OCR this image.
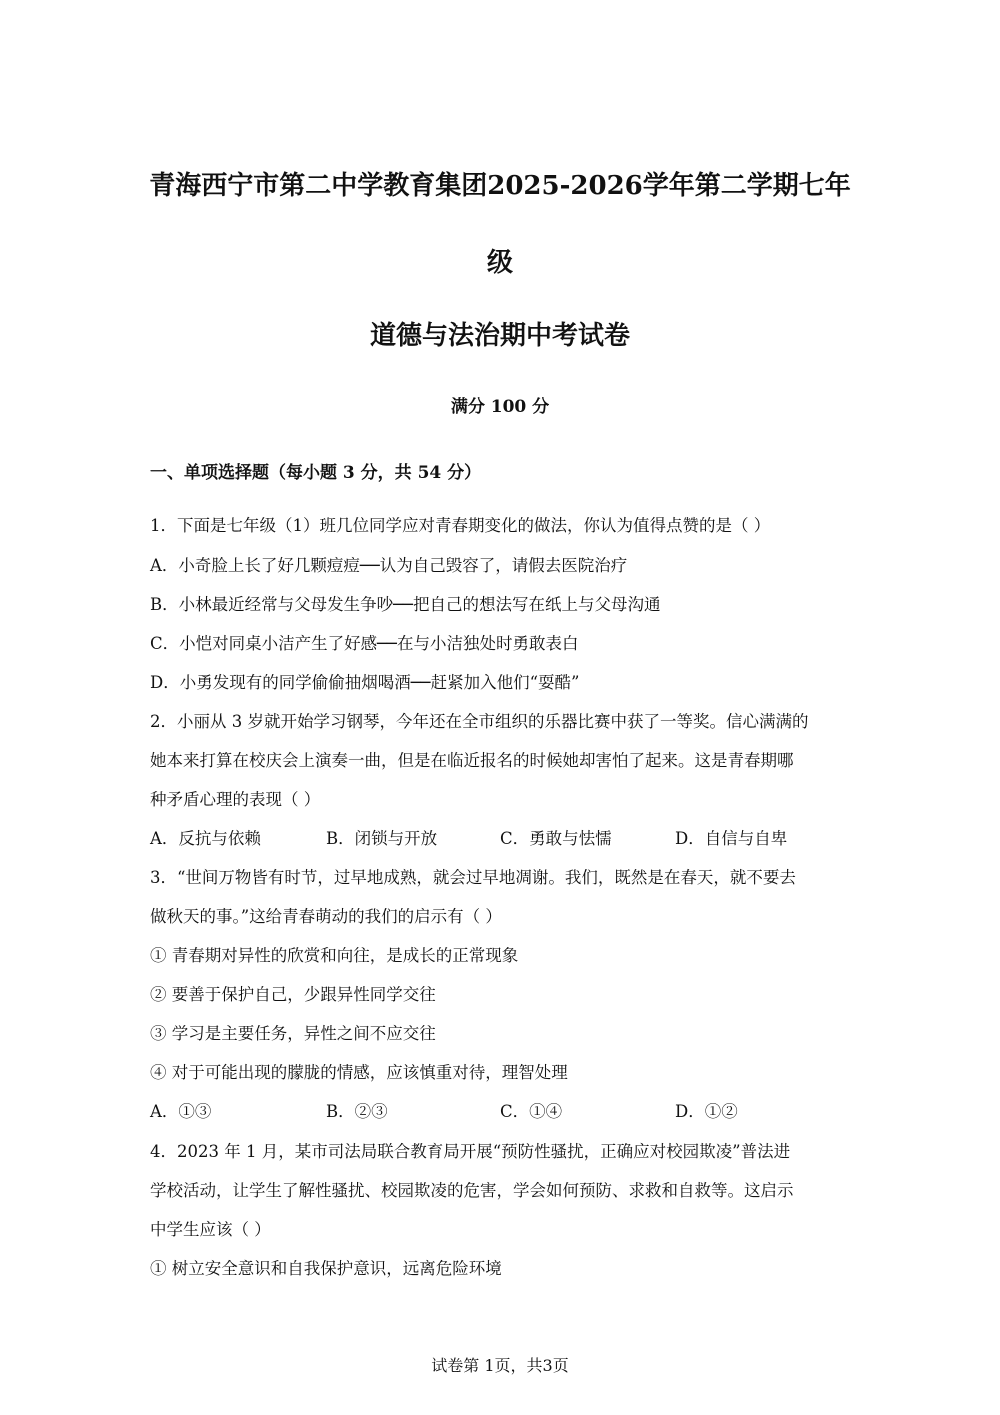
青海西宁市第二中学教育集团2025-2026学年第二学期七年
级
道德与法治期中考试卷
满分 100 分
一、单项选择题（每小题 3 分，共 54 分）
1．下面是七年级（1）班几位同学应对青春期变化的做法，你认为值得点赞的是（ ）
A．小奇脸上长了好几颗痘痘──认为自己毁容了，请假去医院治疗
B．小林最近经常与父母发生争吵──把自己的想法写在纸上与父母沟通
C．小恺对同桌小洁产生了好感──在与小洁独处时勇敢表白
D．小勇发现有的同学偷偷抽烟喝酒──赶紧加入他们“耍酷”
2．小丽从 3 岁就开始学习钢琴，今年还在全市组织的乐器比赛中获了一等奖。信心满满的
她本来打算在校庆会上演奏一曲，但是在临近报名的时候她却害怕了起来。这是青春期哪
种矛盾心理的表现（ ）
A．反抗与依赖	B．闭锁与开放	C．勇敢与怯懦	D．自信与自卑
3．“世间万物皆有时节，过早地成熟，就会过早地凋谢。我们，既然是在春天，就不要去
做秋天的事。”这给青春萌动的我们的启示有（ ）
① 青春期对异性的欣赏和向往，是成长的正常现象
② 要善于保护自己，少跟异性同学交往
③ 学习是主要任务，异性之间不应交往
④ 对于可能出现的朦胧的情感，应该慎重对待，理智处理
A．①③	B．②③	C．①④	D．①②
4．2023 年 1 月，某市司法局联合教育局开展“预防性骚扰，正确应对校园欺凌”普法进
学校活动，让学生了解性骚扰、校园欺凌的危害，学会如何预防、求救和自救等。这启示
中学生应该（ ）
① 树立安全意识和自我保护意识，远离危险环境
试卷第 1页，共3页
